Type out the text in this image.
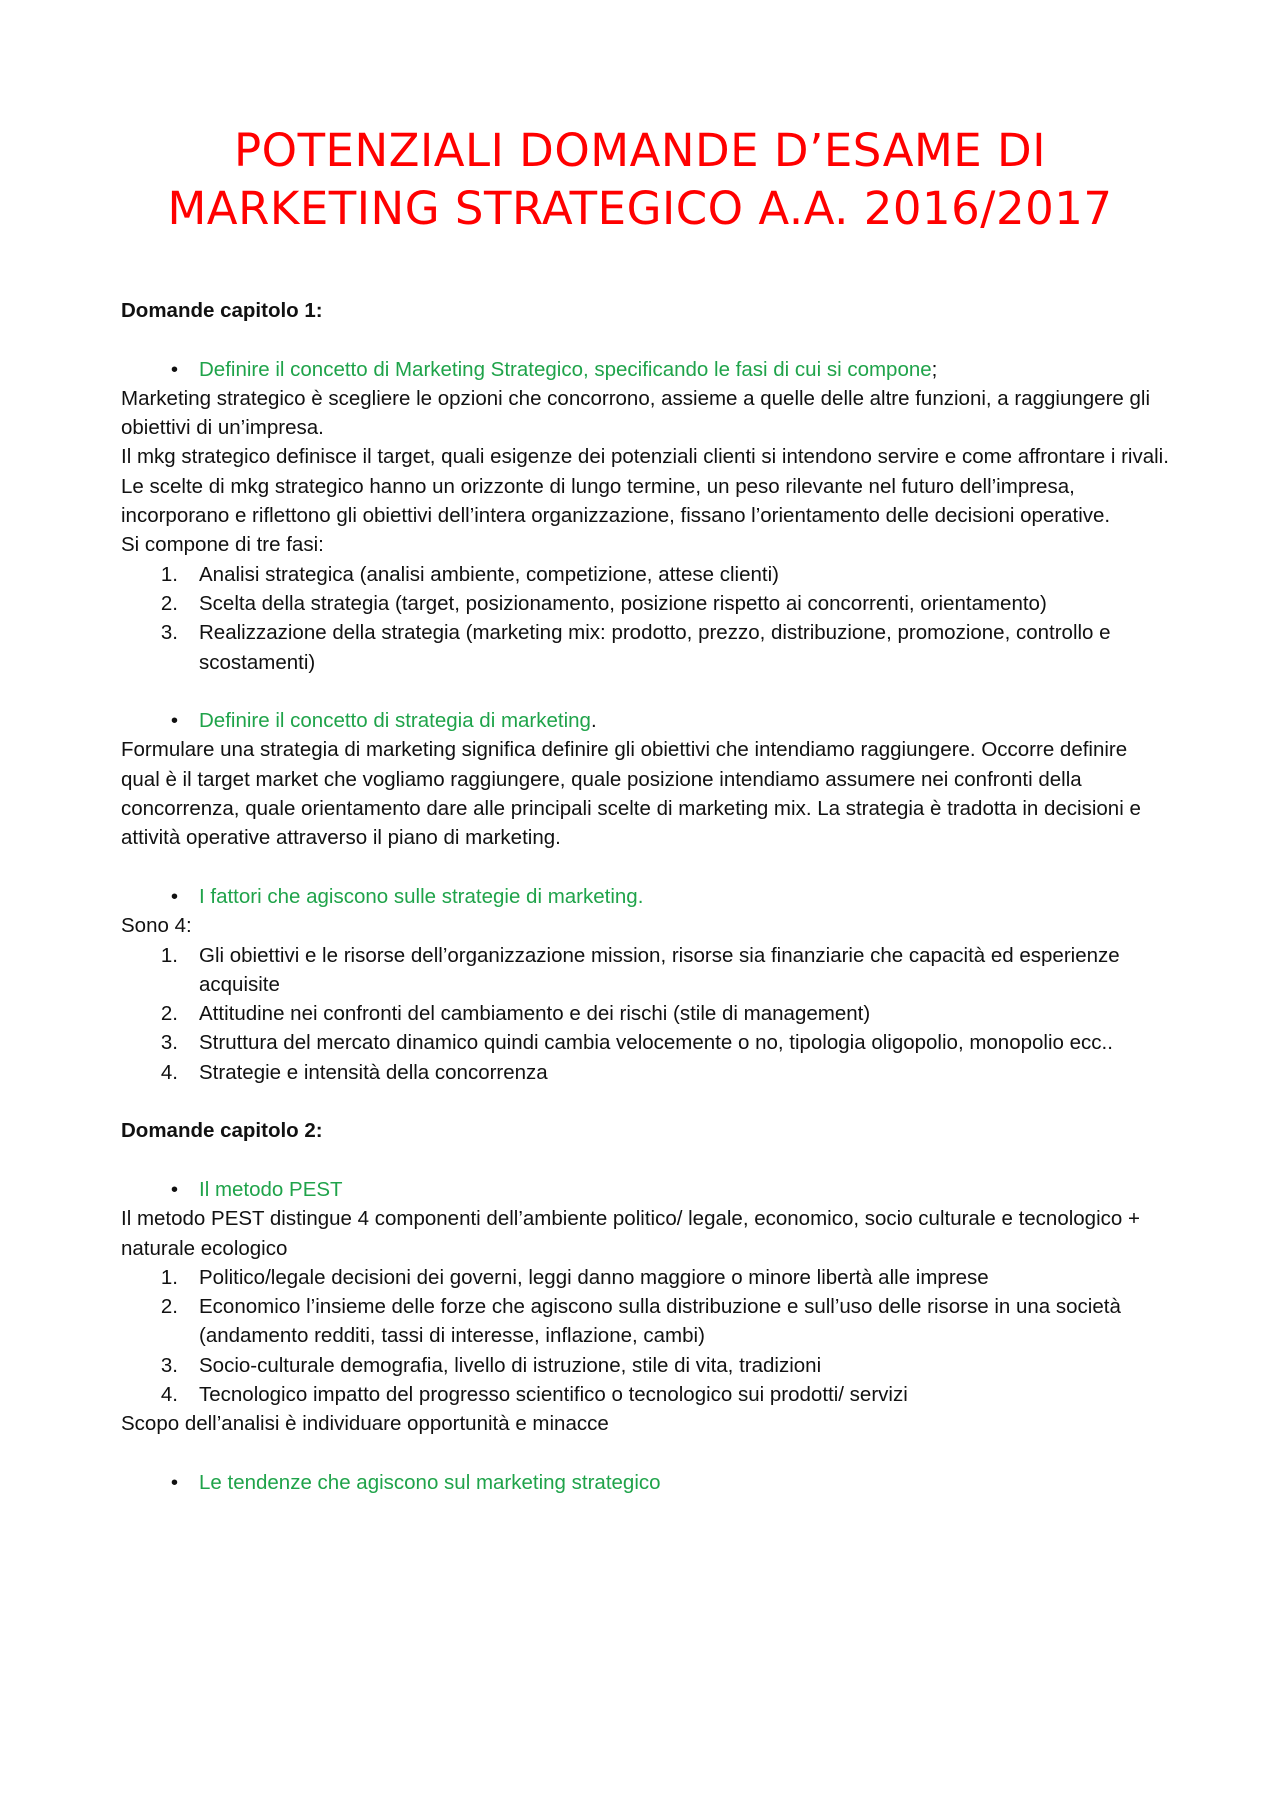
POTENZIALI DOMANDE D’ESAME DI
MARKETING STRATEGICO A.A. 2016/2017
Domande capitolo 1:
•	Definire il concetto di Marketing Strategico, specificando le fasi di cui si compone;

Marketing strategico è scegliere le opzioni che concorrono, assieme a quelle delle altre funzioni, a raggiungere gli obiettivi di un’impresa.

Il mkg strategico definisce il target, quali esigenze dei potenziali clienti si intendono servire e come affrontare i rivali.

Le scelte di mkg strategico hanno un orizzonte di lungo termine, un peso rilevante nel futuro dell’impresa, incorporano e riflettono gli obiettivi dell’intera organizzazione, fissano l’orientamento delle decisioni operative.

Si compone di tre fasi:

1.	Analisi strategica (analisi ambiente, competizione, attese clienti)
2.	Scelta della strategia (target, posizionamento, posizione rispetto ai concorrenti, orientamento)
3.	Realizzazione della strategia (marketing mix: prodotto, prezzo, distribuzione, promozione, controllo e scostamenti)
•	Definire il concetto di strategia di marketing.

Formulare una strategia di marketing significa definire gli obiettivi che intendiamo raggiungere. Occorre definire qual è il target market che vogliamo raggiungere, quale posizione intendiamo assumere nei confronti della concorrenza, quale orientamento dare alle principali scelte di marketing mix. La strategia è tradotta in decisioni e attività operative attraverso il piano di marketing.

•	I fattori che agiscono sulle strategie di marketing.

Sono 4:

1.	Gli obiettivi e le risorse dell’organizzazione mission, risorse sia finanziarie che capacità ed esperienze acquisite
2.	Attitudine nei confronti del cambiamento e dei rischi (stile di management)
3.	Struttura del mercato dinamico quindi cambia velocemente o no, tipologia oligopolio, monopolio ecc..
4.	Strategie e intensità della concorrenza
Domande capitolo 2:
•	Il metodo PEST

Il metodo PEST distingue 4 componenti dell’ambiente politico/ legale, economico, socio culturale e tecnologico + naturale ecologico

1.	Politico/legale decisioni dei governi, leggi danno maggiore o minore libertà alle imprese
2.	Economico l’insieme delle forze che agiscono sulla distribuzione e sull’uso delle risorse in una società (andamento redditi, tassi di interesse, inflazione, cambi)
3.	Socio-culturale demografia, livello di istruzione, stile di vita, tradizioni
4.	Tecnologico impatto del progresso scientifico o tecnologico sui prodotti/ servizi

Scopo dell’analisi è individuare opportunità e minacce

•	Le tendenze che agiscono sul marketing strategico
